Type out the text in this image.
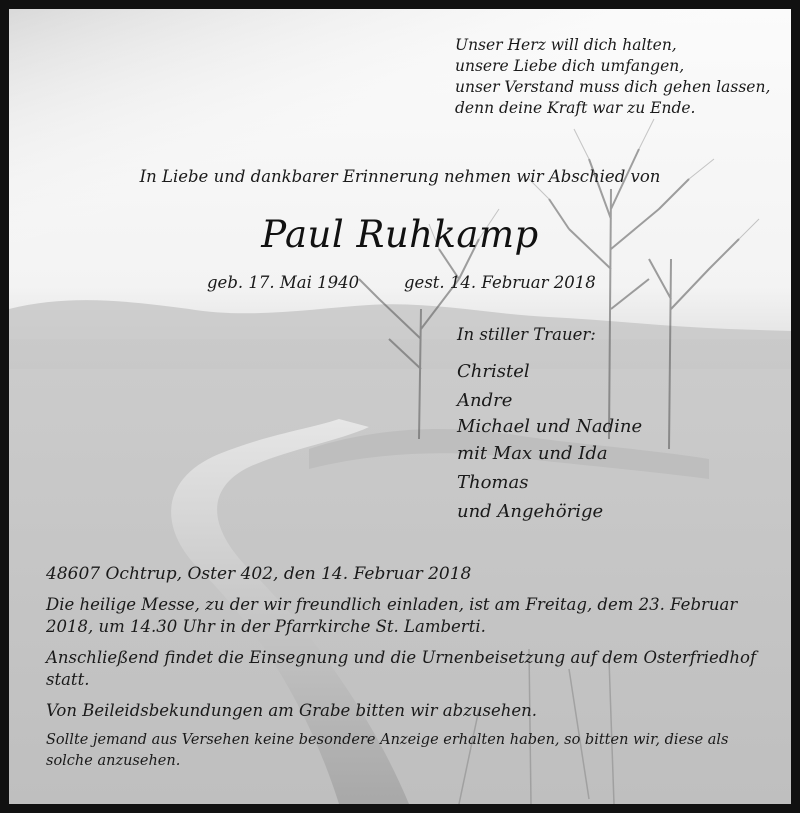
Unser Herz will dich halten,
unsere Liebe dich umfangen,
unser Verstand muss dich gehen lassen,
denn deine Kraft war zu Ende.
In Liebe und dankbarer Erinnerung nehmen wir Abschied von
Paul Ruhkamp
geb. 17. Mai 1940	gest. 14. Februar 2018
In stiller Trauer:
Christel
Andre
Michael und Nadine
mit Max und Ida
Thomas
und Angehörige
48607 Ochtrup, Oster 402, den 14. Februar 2018
Die heilige Messe, zu der wir freundlich einladen, ist am Freitag, dem 23. Februar 2018, um 14.30 Uhr in der Pfarrkirche St. Lamberti.
Anschließend findet die Einsegnung und die Urnenbeisetzung auf dem Osterfriedhof statt.
Von Beileidsbekundungen am Grabe bitten wir abzusehen.
Sollte jemand aus Versehen keine besondere Anzeige erhalten haben, so bitten wir, diese als solche anzusehen.
